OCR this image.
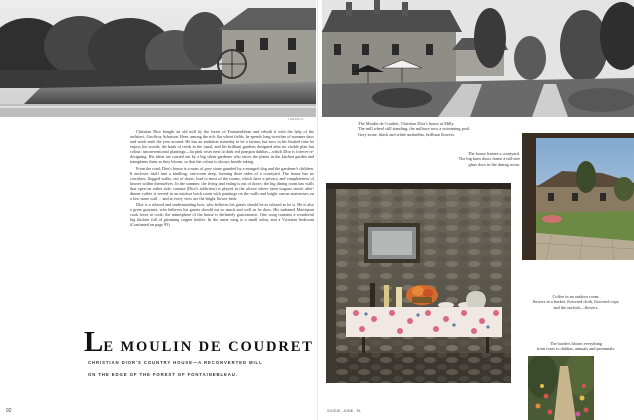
LIBERMAN

Christian Dior bought an old mill by the forest of Fontainebleau and rebuilt it with the help of the architect, Geoffroy Schaison. Here, among the rich flat wheat fields, he spends long stretches of summer days and week ends the year around. He has an ambition someday to be a farmer, but now in his limited time he enjoys his woods, the bank of reeds in the canal, and his brilliant gardens designed after no visible plan but colour: unconventional plantings—fat pink roses next to dark red pompon dahlias—which Dior is forever re-designing. His ideas are carried out by a big silent gardener who raises the plants in the kitchen garden and transplants them as they bloom, so that the colour is always breath-taking.

From the road, Dior's house is a mass of grey stone guarded by a mongrel dog and the gardener's children. It encloses itself into a kindling, one-room deep, forming three sides of a courtyard. The house has no corridors; flagged walks, out of doors, lead to most of the rooms, which have a privacy and completeness of houses within themselves. In the summer, the living and eating is out of doors: the big dining room has walls that open on either side; canasta (Dior's addiction) is played in the alcove where farm wagons stood; after-dinner coffee is served in an outdoor brick room with paintings on the walls and bright canvas mattresses on a low stone wall ... and at every view are the bright flower beds.

Dior is a relaxed and understanding host, who believes his guests should be as relaxed as he is. He is also a great gourmet, who believes his guests should eat so much and well as he does. His turbaned Martiquan cook loves to cook; the atmosphere of the house is definitely gastronomic. One wing contains a wonderful big kitchen full of gleaming copper kettles. In the same wing is a small salon, and a Victorian bedroom (Continued on page 95)

LE MOULIN DE COUDRET
CHRISTIAN DIOR'S COUNTRY HOUSE—A RECONVERTED MILL
ON THE EDGE OF THE FOREST OF FONTAINEBLEAU.
92
The Moulin de Coudret, Christian Dior's house at Milly.
The mill wheel still standing; the millrace now a swimming pool.
Grey stone, black and white umbrellas, brilliant flowers.
The house frames a courtyard.
The big barn doors frame a tall-size
glass door in the dining room.
Coffee in an outdoor room:
flowers in a basket, flowered cloth, flowered cups;
and the outlook—flowers.
The borders bloom everything
from roses to dahlias; annuals and perennials.
VOGUE, JUNE, '51
